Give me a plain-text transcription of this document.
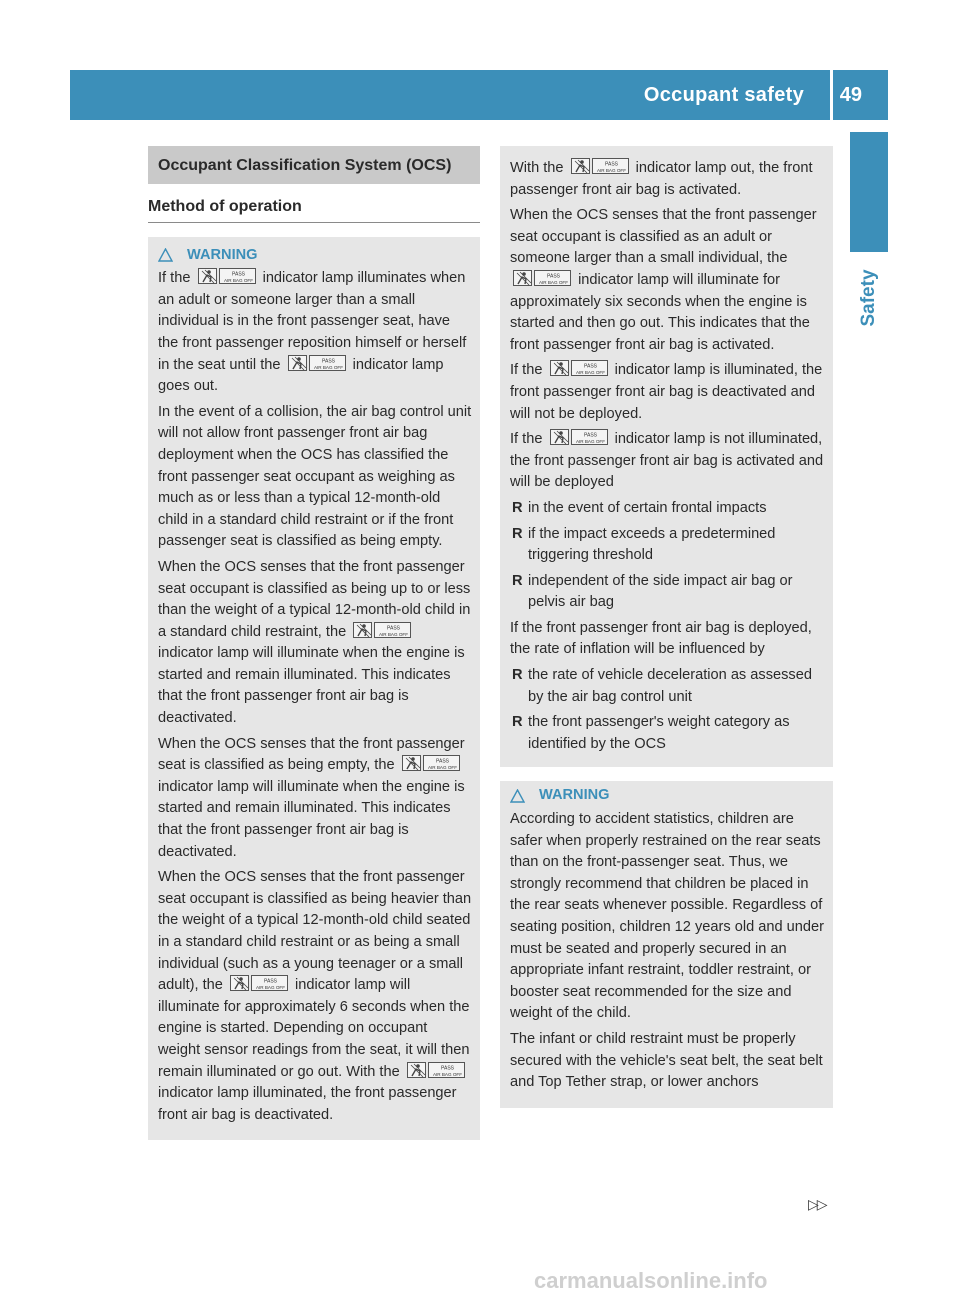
Occupant safety 49
Safety
Occupant Classification System (OCS)
Method of operation
WARNING

If the	PASS
AIR BAG OFF indicator lamp illuminates when an adult or someone larger than a small individual is in the front passenger seat, have the front passenger reposition himself or herself in the seat until the	PASS
AIR BAG OFF indicator lamp goes out.

In the event of a collision, the air bag control unit will not allow front passenger front air bag deployment when the OCS has classified the front passenger seat occupant as weighing as much as or less than a typical 12-month-old child in a standard child restraint or if the front passenger seat is classified as being empty.

When the OCS senses that the front passenger seat occupant is classified as being up to or less than the weight of a typical 12-month-old child in a standard child restraint, the	PASS
AIR BAG OFF
indicator lamp will illuminate when the engine is started and remain illuminated. This indicates that the front passenger front air bag is deactivated.

When the OCS senses that the front passenger seat is classified as being empty, the	PASS
AIR BAG OFF
indicator lamp will illuminate when the engine is started and remain illuminated. This indicates that the front passenger front air bag is deactivated.

When the OCS senses that the front passenger seat occupant is classified as being heavier than the weight of a typical 12-month-old child seated in a standard child restraint or as being a small individual (such as a young teenager or a small adult), the	PASS
AIR BAG OFF indicator lamp will illuminate for approximately 6 seconds when the engine is started. Depending on occupant weight sensor readings from the seat, it will then remain illuminated or go out. With the	PASS
AIR BAG OFF
indicator lamp illuminated, the front passenger front air bag is deactivated.

With the	PASS
AIR BAG OFF indicator lamp out, the front passenger front air bag is activated.

When the OCS senses that the front passenger seat occupant is classified as an adult or someone larger than a small individual, the
PASS
AIR BAG OFF indicator lamp will illuminate for approximately six seconds when the engine is started and then go out. This indicates that the front passenger front air bag is activated.

If the	PASS
AIR BAG OFF indicator lamp is illuminated, the front passenger front air bag is deactivated and will not be deployed.

If the	PASS
AIR BAG OFF indicator lamp is not illuminated, the front passenger front air bag is activated and will be deployed

R in the event of certain frontal impacts
R if the impact exceeds a predetermined triggering threshold
R independent of the side impact air bag or pelvis air bag

If the front passenger front air bag is deployed, the rate of inflation will be influenced by

R the rate of vehicle deceleration as assessed by the air bag control unit
R the front passenger's weight category as identified by the OCS
WARNING

According to accident statistics, children are safer when properly restrained on the rear seats than on the front-passenger seat. Thus, we strongly recommend that children be placed in the rear seats whenever possible. Regardless of seating position, children 12 years old and under must be seated and properly secured in an appropriate infant restraint, toddler restraint, or booster seat recommended for the size and weight of the child.

The infant or child restraint must be properly secured with the vehicle's seat belt, the seat belt and Top Tether strap, or lower anchors

▷▷
carmanualsonline.info
